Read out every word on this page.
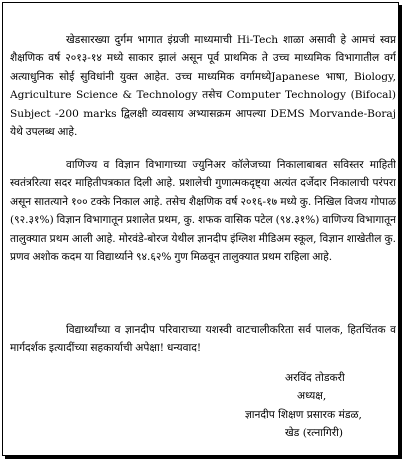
खेडसारख्या दुर्गम भागात इंग्रजी माध्यमाची Hi-Tech शाळा असावी हे आमचं स्वप्न शैक्षणिक वर्ष २०१३-१४ मध्ये साकार झालं असून पूर्व प्राथमिक ते उच्च माध्यमिक विभागातील वर्ग अत्याधुनिक सोई सुविधांनी युक्त आहेत. उच्च माध्यमिक वर्गामध्येJapanese भाषा, Biology, Agriculture Science & Technology तसेच Computer Technology (Bifocal) Subject -200 marks द्विलक्षी व्यवसाय अभ्यासक्रम आपल्या DEMS Morvande-Boraj येथे उपलब्ध आहे.

वाणिज्य व विज्ञान विभागाच्या ज्युनिअर कॉलेजच्या निकालाबाबत सविस्तर माहिती स्वतंत्ररित्या सदर माहितीपत्रकात दिली आहे. प्रशालेची गुणात्मकदृष्ट्या अत्यंत दर्जेदार निकालाची परंपरा असून सातत्याने १०० टक्के निकाल आहे. तसेच शैक्षणिक वर्ष २०१६-१७ मध्ये कु. निखिल विजय गोपाळ (९२.३१%) विज्ञान विभागातून प्रशालेत प्रथम, कु. शफक वासिक पटेल (९४.३१%) वाणिज्य विभागातून तालुक्यात प्रथम आली आहे. मोरवंडे-बोरज येथील ज्ञानदीप इंग्लिश मीडिअम स्कूल, विज्ञान शाखेतील कु. प्रणव अशोक कदम या विद्यार्थ्याने ९४.६२% गुण मिळवून तालुक्यात प्रथम राहिला आहे.

विद्यार्थ्यांच्या व ज्ञानदीप परिवाराच्या यशस्वी वाटचालीकरिता सर्व पालक, हितचिंतक व मार्गदर्शक इत्यादींच्या सहकार्याची अपेक्षा! धन्यवाद!

अरविंद तोडकरी
अध्यक्ष,
ज्ञानदीप शिक्षण प्रसारक मंडळ,
खेड (रत्नागिरी)
